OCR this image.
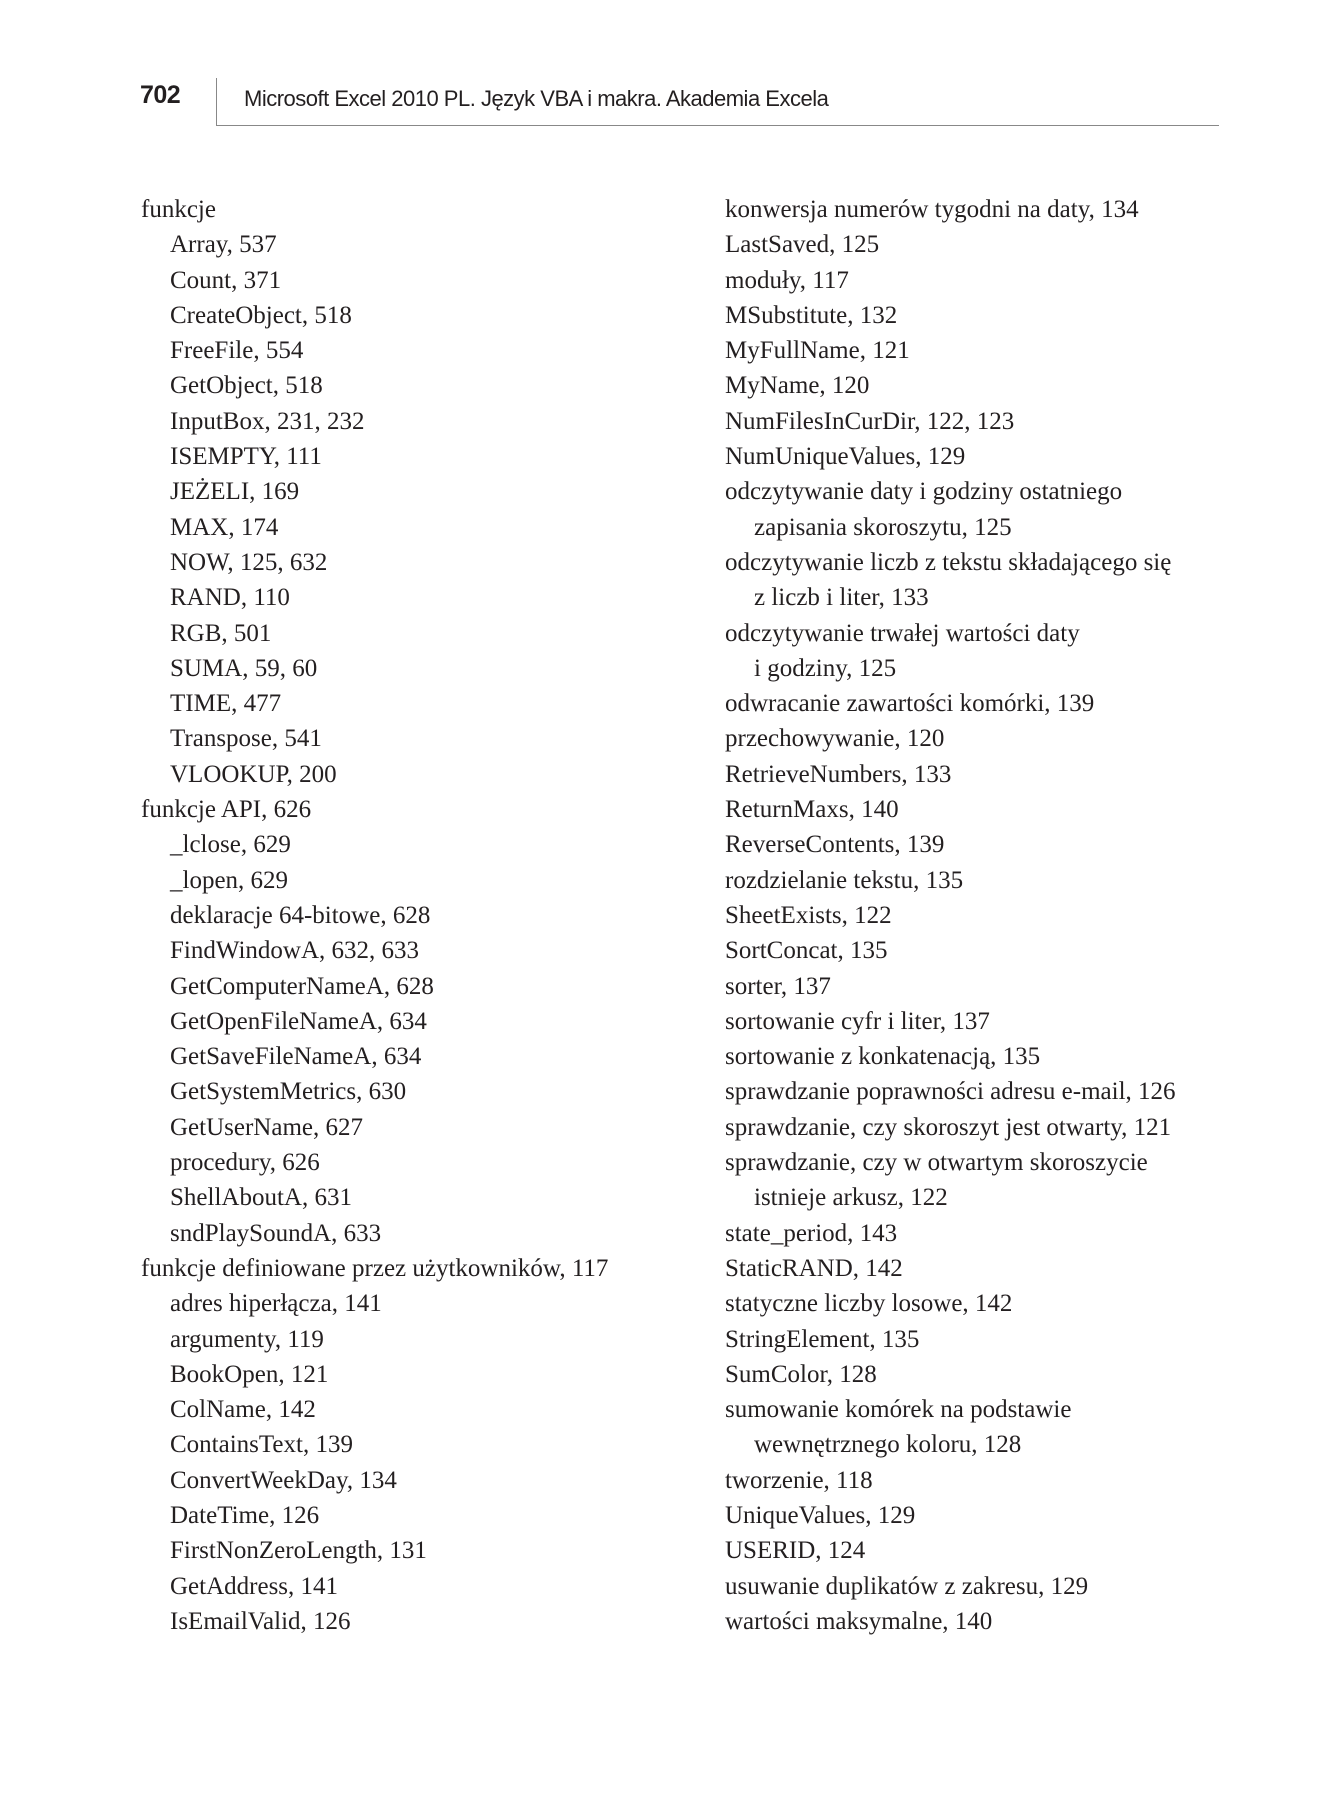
702	Microsoft Excel 2010 PL. Język VBA i makra. Akademia Excela
funkcje
Array, 537
Count, 371
CreateObject, 518
FreeFile, 554
GetObject, 518
InputBox, 231, 232
ISEMPTY, 111
JEŻELI, 169
MAX, 174
NOW, 125, 632
RAND, 110
RGB, 501
SUMA, 59, 60
TIME, 477
Transpose, 541
VLOOKUP, 200
funkcje API, 626
_lclose, 629
_lopen, 629
deklaracje 64-bitowe, 628
FindWindowA, 632, 633
GetComputerNameA, 628
GetOpenFileNameA, 634
GetSaveFileNameA, 634
GetSystemMetrics, 630
GetUserName, 627
procedury, 626
ShellAboutA, 631
sndPlaySoundA, 633
funkcje definiowane przez użytkowników, 117
adres hiperłącza, 141
argumenty, 119
BookOpen, 121
ColName, 142
ContainsText, 139
ConvertWeekDay, 134
DateTime, 126
FirstNonZeroLength, 131
GetAddress, 141
IsEmailValid, 126
konwersja numerów tygodni na daty, 134
LastSaved, 125
moduły, 117
MSubstitute, 132
MyFullName, 121
MyName, 120
NumFilesInCurDir, 122, 123
NumUniqueValues, 129
odczytywanie daty i godziny ostatniego
zapisania skoroszytu, 125
odczytywanie liczb z tekstu składającego się
z liczb i liter, 133
odczytywanie trwałej wartości daty
i godziny, 125
odwracanie zawartości komórki, 139
przechowywanie, 120
RetrieveNumbers, 133
ReturnMaxs, 140
ReverseContents, 139
rozdzielanie tekstu, 135
SheetExists, 122
SortConcat, 135
sorter, 137
sortowanie cyfr i liter, 137
sortowanie z konkatenacją, 135
sprawdzanie poprawności adresu e-mail, 126
sprawdzanie, czy skoroszyt jest otwarty, 121
sprawdzanie, czy w otwartym skoroszycie
istnieje arkusz, 122
state_period, 143
StaticRAND, 142
statyczne liczby losowe, 142
StringElement, 135
SumColor, 128
sumowanie komórek na podstawie
wewnętrznego koloru, 128
tworzenie, 118
UniqueValues, 129
USERID, 124
usuwanie duplikatów z zakresu, 129
wartości maksymalne, 140
